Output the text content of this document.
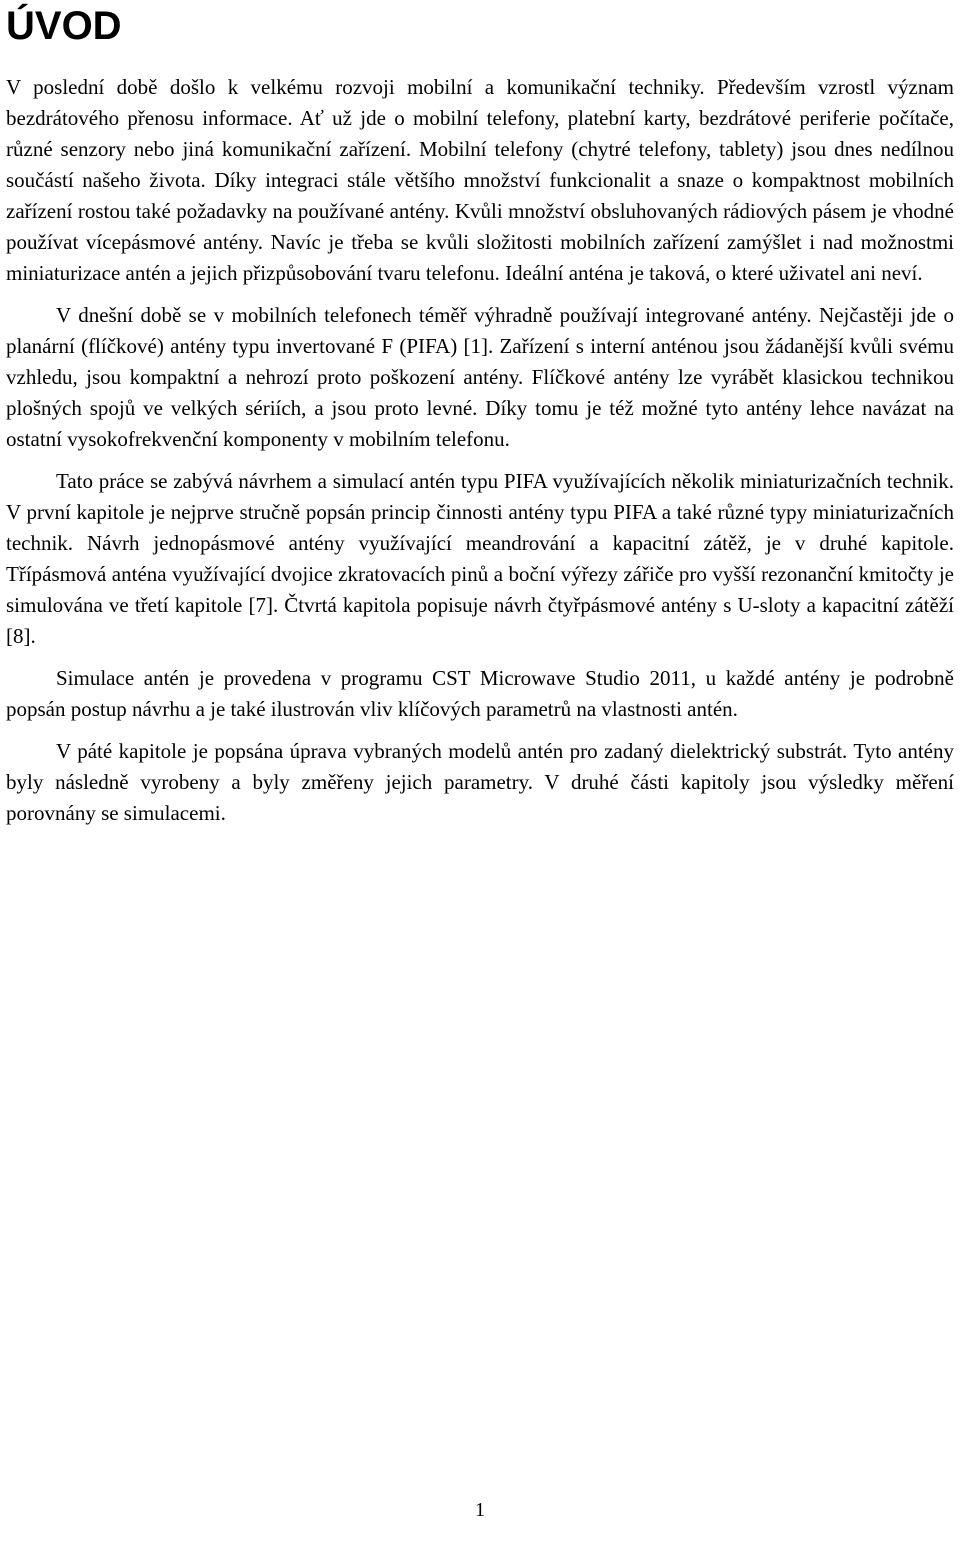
ÚVOD

V poslední době došlo k velkému rozvoji mobilní a komunikační techniky. Především vzrostl význam bezdrátového přenosu informace. Ať už jde o mobilní telefony, platební karty, bezdrátové periferie počítače, různé senzory nebo jiná komunikační zařízení. Mobilní telefony (chytré telefony, tablety) jsou dnes nedílnou součástí našeho života. Díky integraci stále většího množství funkcionalit a snaze o kompaktnost mobilních zařízení rostou také požadavky na používané antény. Kvůli množství obsluhovaných rádiových pásem je vhodné používat vícepásmové antény. Navíc je třeba se kvůli složitosti mobilních zařízení zamýšlet i nad možnostmi miniaturizace antén a jejich přizpůsobování tvaru telefonu. Ideální anténa je taková, o které uživatel ani neví.

V dnešní době se v mobilních telefonech téměř výhradně používají integrované antény. Nejčastěji jde o planární (flíčkové) antény typu invertované F (PIFA) [1]. Zařízení s interní anténou jsou žádanější kvůli svému vzhledu, jsou kompaktní a nehrozí proto poškození antény. Flíčkové antény lze vyrábět klasickou technikou plošných spojů ve velkých sériích, a jsou proto levné. Díky tomu je též možné tyto antény lehce navázat na ostatní vysokofrekvenční komponenty v mobilním telefonu.

Tato práce se zabývá návrhem a simulací antén typu PIFA využívajících několik miniaturizačních technik. V první kapitole je nejprve stručně popsán princip činnosti antény typu PIFA a také různé typy miniaturizačních technik. Návrh jednopásmové antény využívající meandrování a kapacitní zátěž, je v druhé kapitole. Třípásmová anténa využívající dvojice zkratovacích pinů a boční výřezy zářiče pro vyšší rezonanční kmitočty je simulována ve třetí kapitole [7]. Čtvrtá kapitola popisuje návrh čtyřpásmové antény s U-sloty a kapacitní zátěží [8].

Simulace antén je provedena v programu CST Microwave Studio 2011, u každé antény je podrobně popsán postup návrhu a je také ilustrován vliv klíčových parametrů na vlastnosti antén.

V páté kapitole je popsána úprava vybraných modelů antén pro zadaný dielektrický substrát. Tyto antény byly následně vyrobeny a byly změřeny jejich parametry. V druhé části kapitoly jsou výsledky měření porovnány se simulacemi.

1
